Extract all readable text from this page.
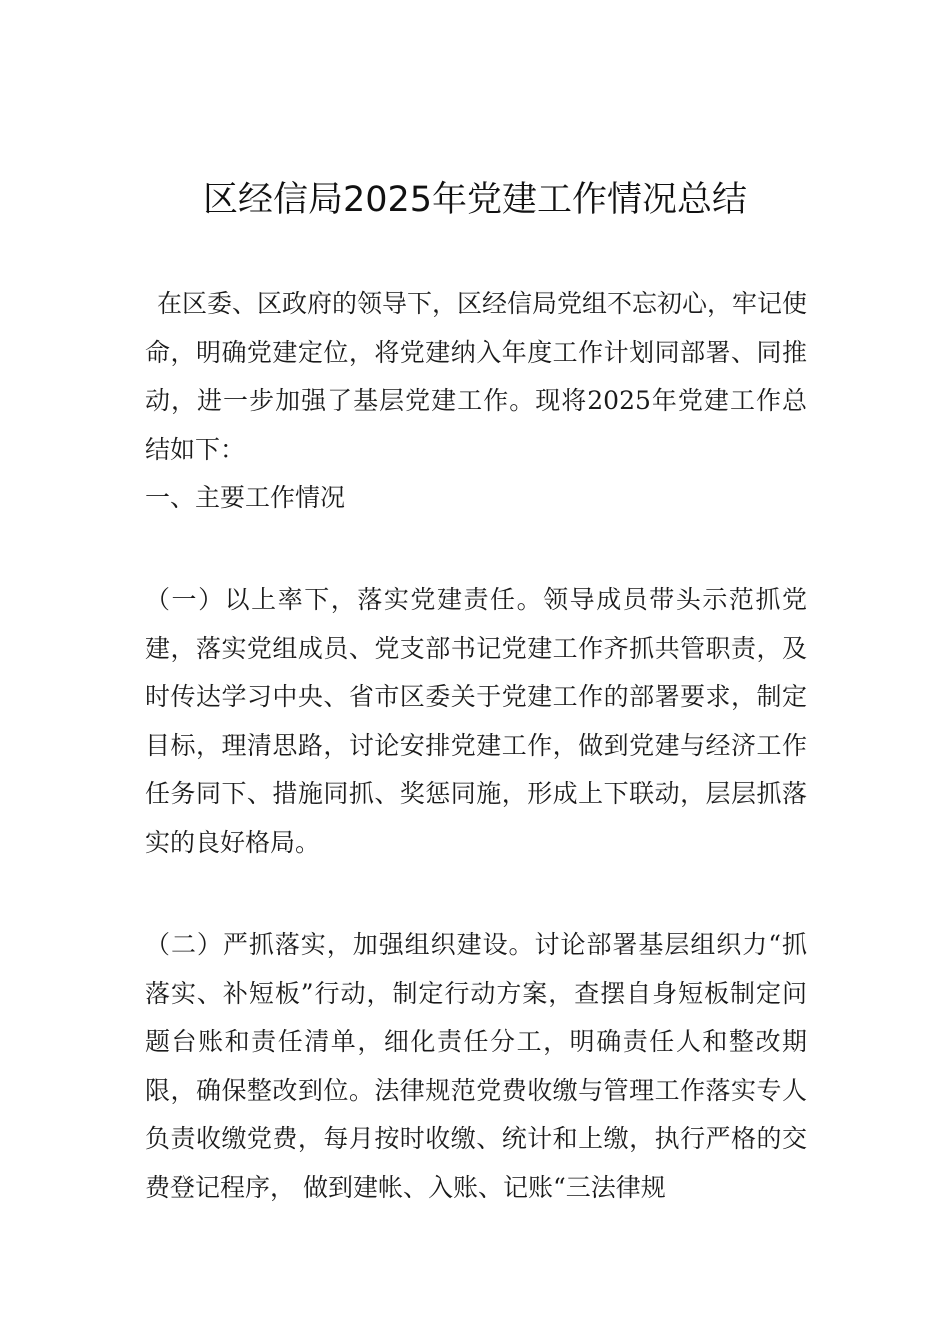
区经信局2025年党建工作情况总结

在区委、区政府的领导下，区经信局党组不忘初心，牢记使命，明确党建定位，将党建纳入年度工作计划同部署、同推动，进一步加强了基层党建工作。现将2025年党建工作总结如下：

一、主要工作情况

（一）以上率下，落实党建责任。领导成员带头示范抓党建，落实党组成员、党支部书记党建工作齐抓共管职责，及时传达学习中央、省市区委关于党建工作的部署要求，制定目标，理清思路，讨论安排党建工作，做到党建与经济工作任务同下、措施同抓、奖惩同施，形成上下联动，层层抓落实的良好格局。

（二）严抓落实，加强组织建设。讨论部署基层组织力“抓落实、补短板”行动，制定行动方案，查摆自身短板制定问题台账和责任清单，细化责任分工，明确责任人和整改期限，确保整改到位。法律规范党费收缴与管理工作落实专人负责收缴党费，每月按时收缴、统计和上缴，执行严格的交费登记程序， 做到建帐、入账、记账“三法律规
